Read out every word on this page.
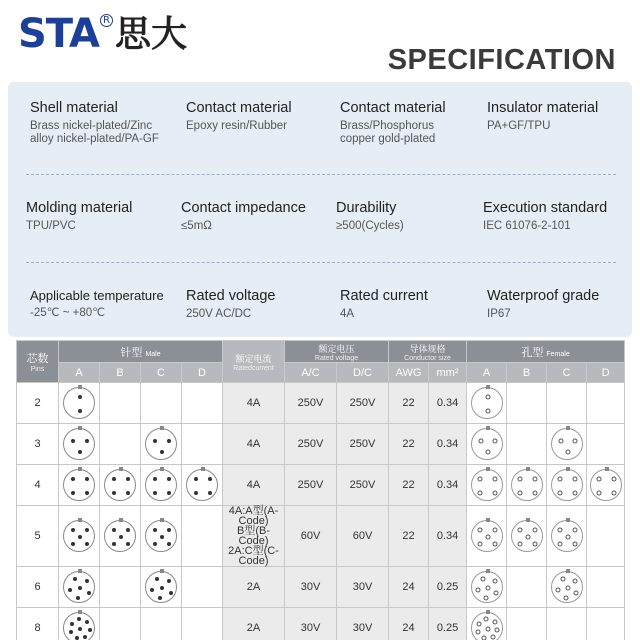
STA R 思大
SPECIFICATION
Shell material
Brass nickel-plated/Zinc
alloy nickel-plated/PA-GF
Contact material
Epoxy resin/Rubber
Contact material
Brass/Phosphorus
copper gold-plated
Insulator material
PA+GF/TPU
Molding material
TPU/PVC
Contact impedance
≤5mΩ
Durability
≥500(Cycles)
Execution standard
IEC 61076-2-101
Applicable temperature
-25℃ ~ +80℃
Rated voltage
250V AC/DC
Rated current
4A
Waterproof grade
IP67
芯数
Pins	针型 Male				额定电流
Ratedcurrent	额定电压
Rated voltage		导体规格
Conductor size		孔型 Female			
	A	B	C	D		A/C	D/C	AWG	mm²	A	B	C	D
2					4A	250V	250V	22	0.34	

3					4A	250V	250V	22	0.34	

4					4A	250V	250V	22	0.34	

5					4A:A型(A-Code)
B型(B-Code)
2A:C型(C-Code)	60V	60V	22	0.34	

6					2A	30V	30V	24	0.25	

8					2A	30V	30V	24	0.25	
